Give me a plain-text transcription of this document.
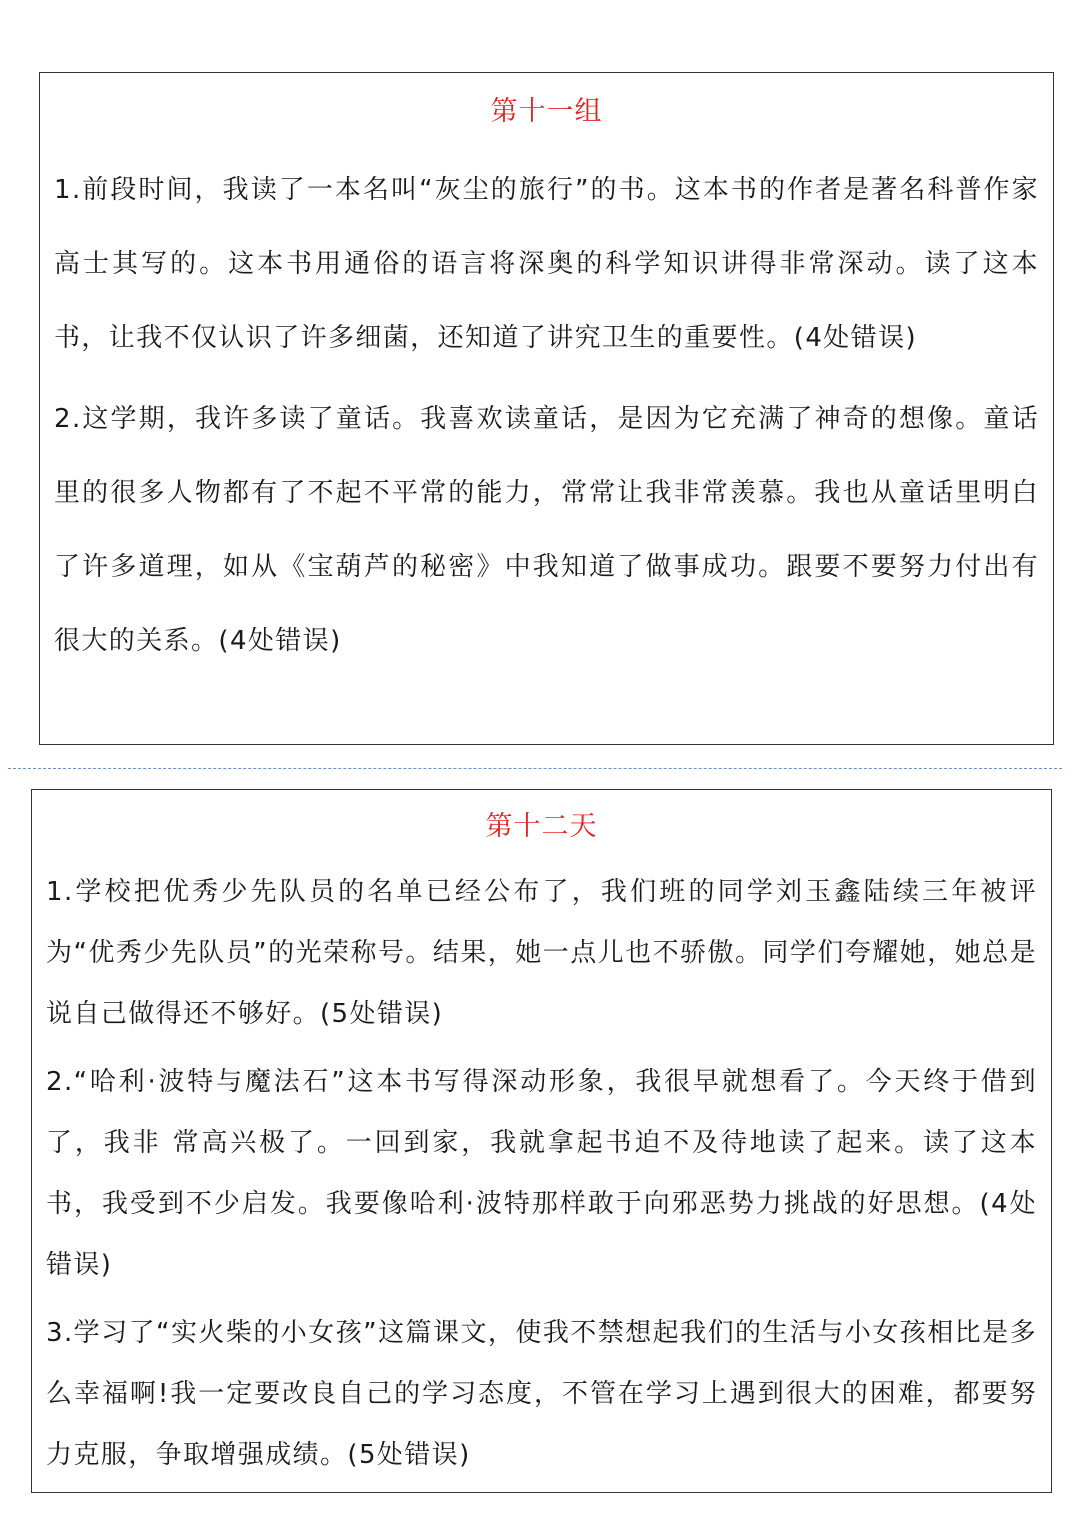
第十一组

1.前段时间，我读了一本名叫“灰尘的旅行”的书。这本书的作者是著名科普作家高士其写的。这本书用通俗的语言将深奥的科学知识讲得非常深动。读了这本书，让我不仅认识了许多细菌，还知道了讲究卫生的重要性。(4处错误)

2.这学期，我许多读了童话。我喜欢读童话，是因为它充满了神奇的想像。童话里的很多人物都有了不起不平常的能力，常常让我非常羡慕。我也从童话里明白了许多道理，如从《宝葫芦的秘密》中我知道了做事成功。跟要不要努力付出有很大的关系。(4处错误)

第十二天

1.学校把优秀少先队员的名单已经公布了，我们班的同学刘玉鑫陆续三年被评为“优秀少先队员”的光荣称号。结果，她一点儿也不骄傲。同学们夸耀她，她总是说自己做得还不够好。(5处错误)

2.“哈利·波特与魔法石”这本书写得深动形象，我很早就想看了。今天终于借到了，我非 常高兴极了。一回到家，我就拿起书迫不及待地读了起来。读了这本书，我受到不少启发。我要像哈利·波特那样敢于向邪恶势力挑战的好思想。(4处错误)

3.学习了“实火柴的小女孩”这篇课文，使我不禁想起我们的生活与小女孩相比是多么幸福啊!我一定要改良自己的学习态度，不管在学习上遇到很大的困难，都要努力克服，争取增强成绩。(5处错误)
